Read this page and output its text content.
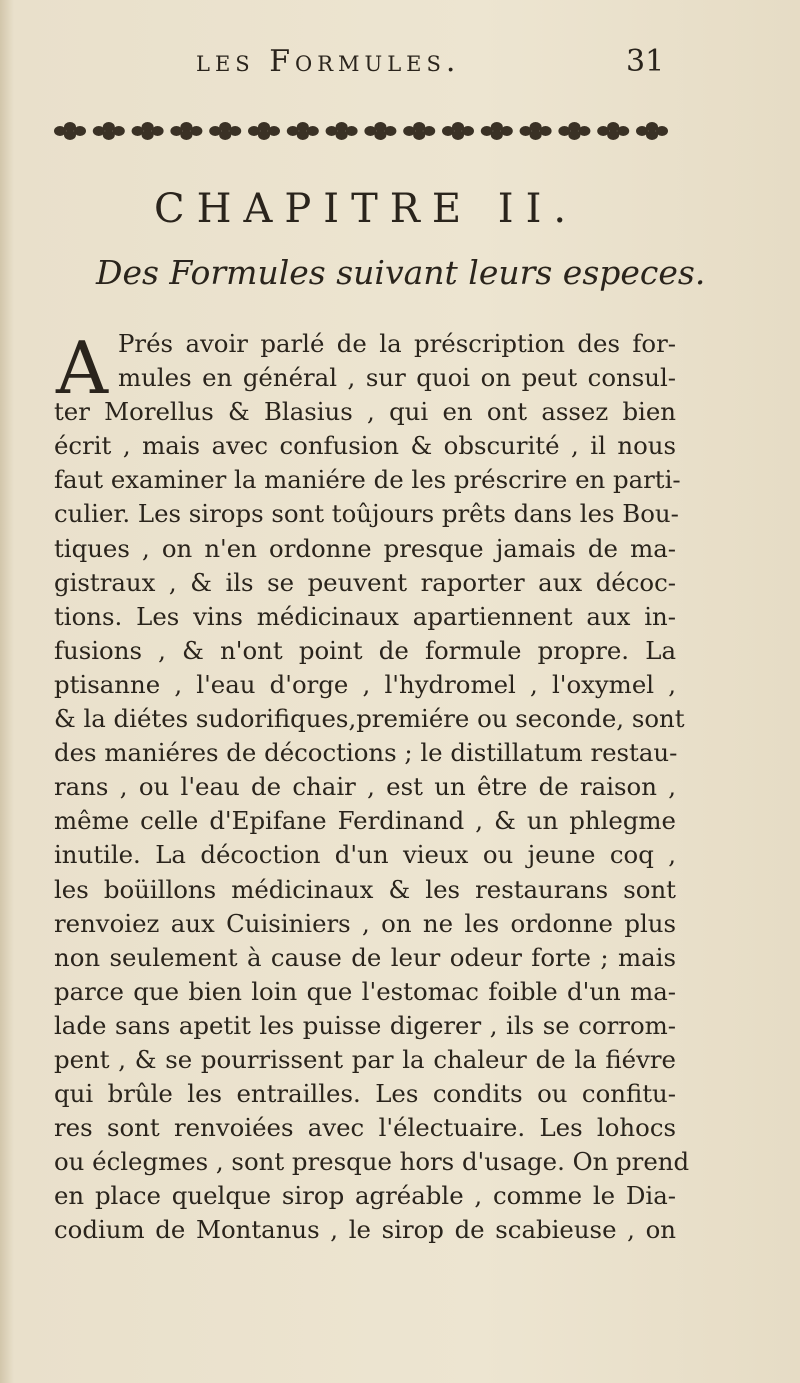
les Formules.	31
CHAPITRE II.
Des Formules suivant leurs especes.
A Prés avoir parlé de la préscription des for-
mules en général , sur quoi on peut consul-
ter Morellus & Blasius , qui en ont assez bien
écrit , mais avec confusion & obscurité , il nous
faut examiner la maniére de les préscrire en parti-
culier. Les sirops sont toûjours prêts dans les Bou-
tiques , on n'en ordonne presque jamais de ma-
gistraux , & ils se peuvent raporter aux décoc-
tions. Les vins médicinaux apartiennent aux in-
fusions , & n'ont point de formule propre. La
ptisanne , l'eau d'orge , l'hydromel , l'oxymel ,
& la diétes sudorifiques,premiére ou seconde, sont
des maniéres de décoctions ; le distillatum restau-
rans , ou l'eau de chair , est un être de raison ,
même celle d'Epifane Ferdinand , & un phlegme
inutile. La décoction d'un vieux ou jeune coq ,
les boüillons médicinaux & les restaurans sont
renvoiez aux Cuisiniers , on ne les ordonne plus
non seulement à cause de leur odeur forte ; mais
parce que bien loin que l'estomac foible d'un ma-
lade sans apetit les puisse digerer , ils se corrom-
pent , & se pourrissent par la chaleur de la fiévre
qui brûle les entrailles. Les condits ou confitu-
res sont renvoiées avec l'électuaire. Les lohocs
ou éclegmes , sont presque hors d'usage. On prend
en place quelque sirop agréable , comme le Dia-
codium de Montanus , le sirop de scabieuse , on
